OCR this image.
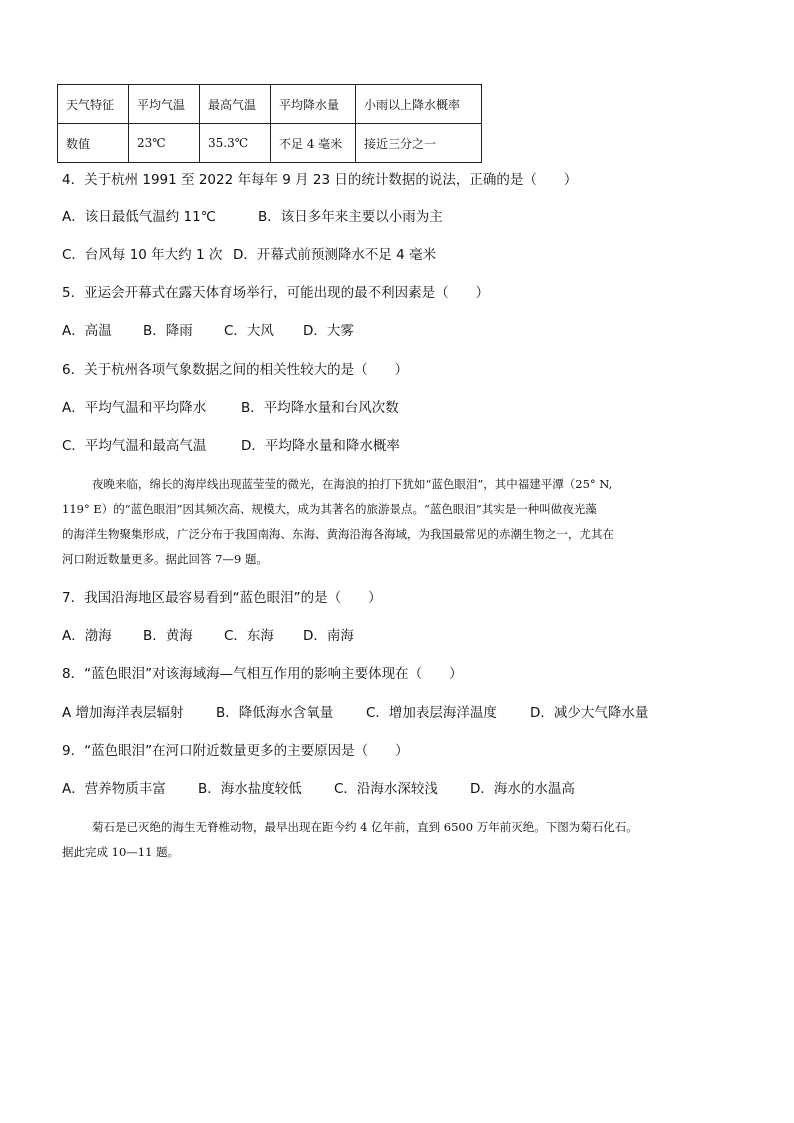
天气特征	平均气温	最高气温	平均降水量	小雨以上降水概率
数值	23℃	35.3℃	不足 4 毫米	接近三分之一
4．关于杭州 1991 至 2022 年每年 9 月 23 日的统计数据的说法，正确的是（　　）
A．该日最低气温约 11℃	B．该日多年来主要以小雨为主
C．台风每 10 年大约 1 次 D．开幕式前预测降水不足 4 毫米
5．亚运会开幕式在露天体育场举行，可能出现的最不利因素是（　　）
A．高温 B．降雨 C．大风 D．大雾
6．关于杭州各项气象数据之间的相关性较大的是（　　）
A．平均气温和平均降水	B．平均降水量和台风次数
C．平均气温和最高气温	D．平均降水量和降水概率

夜晚来临，绵长的海岸线出现蓝莹莹的微光，在海浪的拍打下犹如“蓝色眼泪”，其中福建平潭（25° N,

119° E）的“蓝色眼泪”因其频次高、规模大，成为其著名的旅游景点。“蓝色眼泪”其实是一种叫做夜光藻

的海洋生物聚集形成，广泛分布于我国南海、东海、黄海沿海各海域，为我国最常见的赤潮生物之一，尤其在

河口附近数量更多。据此回答 7—9 题。

7．我国沿海地区最容易看到“蓝色眼泪”的是（　　）
A．渤海 B．黄海 C．东海 D．南海
8．“蓝色眼泪”对该海域海—气相互作用的影响主要体现在（　　）
A 增加海洋表层辐射 B．降低海水含氧量 C．增加表层海洋温度 D．减少大气降水量
9．“蓝色眼泪”在河口附近数量更多的主要原因是（　　）
A．营养物质丰富 B．海水盐度较低 C．沿海水深较浅 D．海水的水温高

菊石是已灭绝的海生无脊椎动物，最早出现在距今约 4 亿年前，直到 6500 万年前灭绝。下图为菊石化石。

据此完成 10—11 题。
